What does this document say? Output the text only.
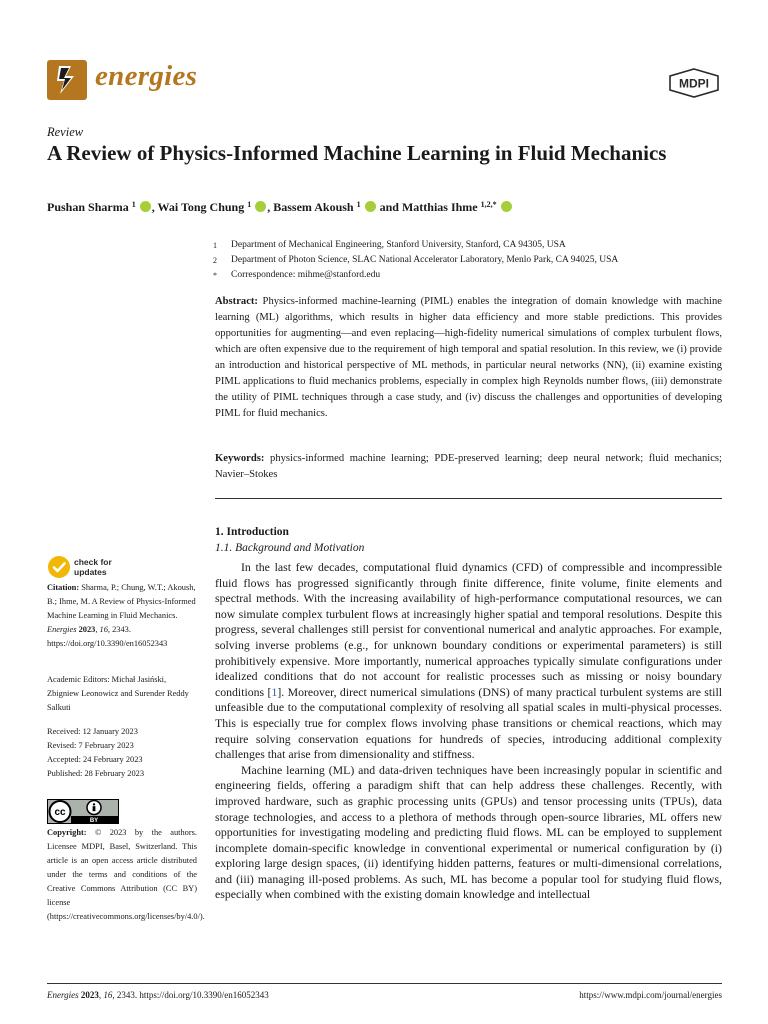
energies	MDPI
Review
A Review of Physics-Informed Machine Learning in Fluid Mechanics
Pushan Sharma $^1$ , Wai Tong Chung $^1$ , Bassem Akoush $^1$  and Matthias Ihme $^{1,2,*}$
1	Department of Mechanical Engineering, Stanford University, Stanford, CA 94305, USA
2	Department of Photon Science, SLAC National Accelerator Laboratory, Menlo Park, CA 94025, USA
*	Correspondence: mihme@stanford.edu
Abstract: Physics-informed machine-learning (PIML) enables the integration of domain knowledge with machine learning (ML) algorithms, which results in higher data efficiency and more stable predictions. This provides opportunities for augmenting—and even replacing—high-fidelity numerical simulations of complex turbulent flows, which are often expensive due to the requirement of high temporal and spatial resolution. In this review, we (i) provide an introduction and historical perspective of ML methods, in particular neural networks (NN), (ii) examine existing PIML applications to fluid mechanics problems, especially in complex high Reynolds number flows, (iii) demonstrate the utility of PIML techniques through a case study, and (iv) discuss the challenges and opportunities of developing PIML for fluid mechanics.
Keywords: physics-informed machine learning; PDE-preserved learning; deep neural network; fluid mechanics; Navier–Stokes
1. Introduction
1.1. Background and Motivation

In the last few decades, computational fluid dynamics (CFD) of compressible and incompressible fluid flows has progressed significantly through finite difference, finite volume, finite elements and spectral methods. With the increasing availability of high-performance computational resources, we can now simulate complex turbulent flows at increasingly higher spatial and temporal resolutions. Despite this progress, several challenges still persist for conventional numerical and analytic approaches. For example, solving inverse problems (e.g., for unknown boundary conditions or experimental parameters) is still prohibitively expensive. More importantly, numerical approaches typically simulate configurations under idealized conditions that do not account for realistic processes such as missing or noisy boundary conditions [1]. Moreover, direct numerical simulations (DNS) of many practical turbulent systems are still unfeasible due to the computational complexity of resolving all spatial scales in multi-physical processes. This is especially true for complex flows involving phase transitions or chemical reactions, which may require solving conservation equations for hundreds of species, introducing additional complexity challenges that arise from dimensionality and stiffness.

Machine learning (ML) and data-driven techniques have been increasingly popular in scientific and engineering fields, offering a paradigm shift that can help address these challenges. Recently, with improved hardware, such as graphic processing units (GPUs) and tensor processing units (TPUs), data storage technologies, and access to a plethora of methods through open-source libraries, ML offers new opportunities for investigating modeling and predicting fluid flows. ML can be employed to supplement incomplete domain-specific knowledge in conventional experimental or numerical configuration by (i) exploring large design spaces, (ii) identifying hidden patterns, features or multi-dimensional correlations, and (iii) managing ill-posed problems. As such, ML has become a popular tool for studying fluid flows, especially when combined with the existing domain knowledge and intellectual

check for
updates
Citation: Sharma, P.; Chung, W.T.; Akoush, B.; Ihme, M. A Review of Physics-Informed Machine Learning in Fluid Mechanics. Energies 2023, 16, 2343. https://doi.org/10.3390/en16052343
Academic Editors: Michał Jasiński, Zbigniew Leonowicz and Surender Reddy Salkuti
Received: 12 January 2023
Revised: 7 February 2023
Accepted: 24 February 2023
Published: 28 February 2023
cc
BY
Copyright: © 2023 by the authors. Licensee MDPI, Basel, Switzerland. This article is an open access article distributed under the terms and conditions of the Creative Commons Attribution (CC BY) license (https://creativecommons.org/licenses/by/4.0/).
Energies 2023, 16, 2343. https://doi.org/10.3390/en16052343	https://www.mdpi.com/journal/energies
